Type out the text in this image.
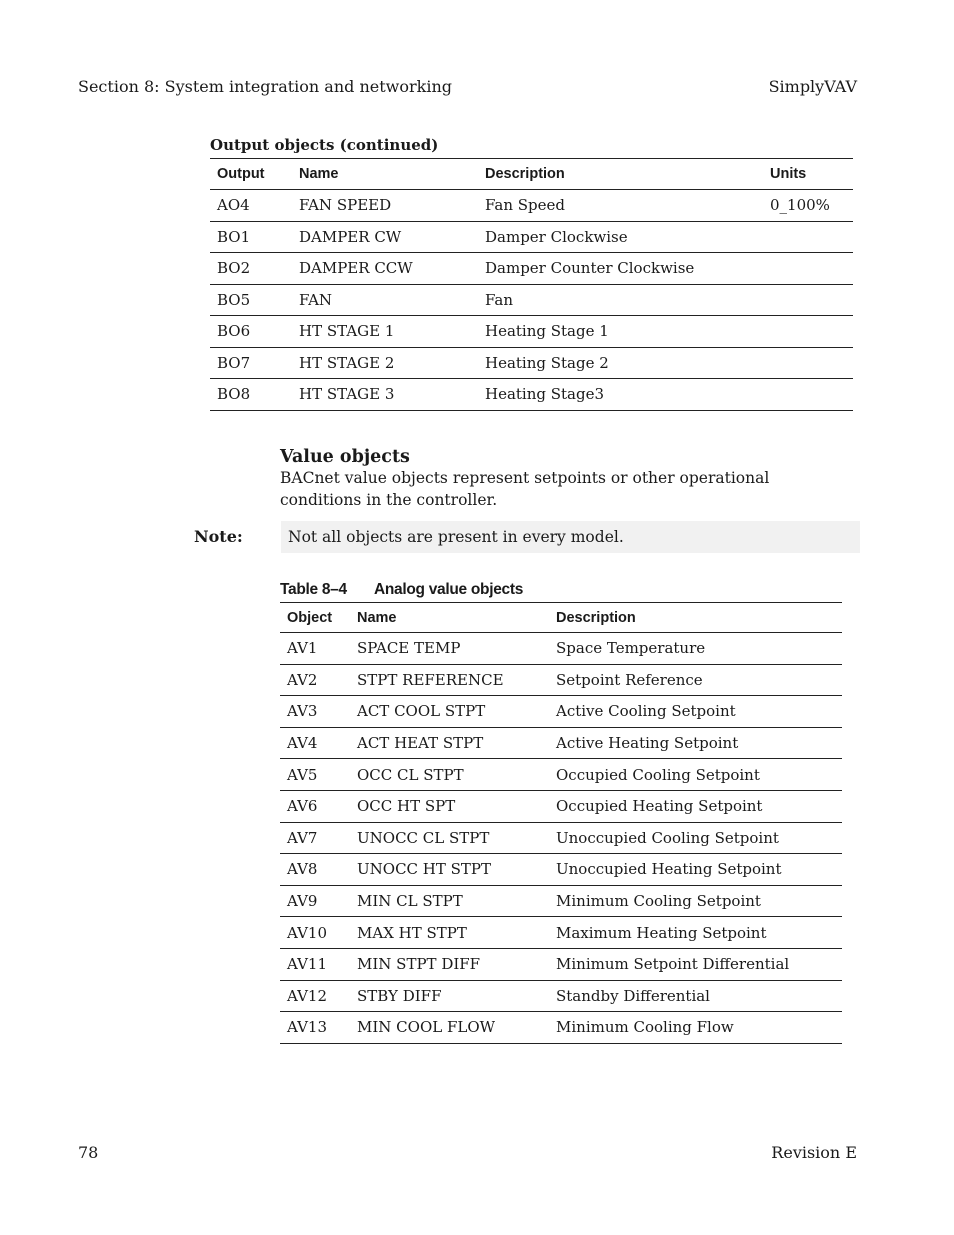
Section 8: System integration and networking	SimplyVAV
Output objects (continued)
Output	Name	Description	Units
AO4	FAN SPEED	Fan Speed	0_100%
BO1	DAMPER CW	Damper Clockwise	
BO2	DAMPER CCW	Damper Counter Clockwise	
BO5	FAN	Fan	
BO6	HT STAGE 1	Heating Stage 1	
BO7	HT STAGE 2	Heating Stage 2	
BO8	HT STAGE 3	Heating Stage3	
Value objects
BACnet value objects represent setpoints or other operational conditions in the controller.
Note:	Not all objects are present in every model.
Table 8–4 Analog value objects
Object	Name	Description
AV1	SPACE TEMP	Space Temperature
AV2	STPT REFERENCE	Setpoint Reference
AV3	ACT COOL STPT	Active Cooling Setpoint
AV4	ACT HEAT STPT	Active Heating Setpoint
AV5	OCC CL STPT	Occupied Cooling Setpoint
AV6	OCC HT SPT	Occupied Heating Setpoint
AV7	UNOCC CL STPT	Unoccupied Cooling Setpoint
AV8	UNOCC HT STPT	Unoccupied Heating Setpoint
AV9	MIN CL STPT	Minimum Cooling Setpoint
AV10	MAX HT STPT	Maximum Heating Setpoint
AV11	MIN STPT DIFF	Minimum Setpoint Differential
AV12	STBY DIFF	Standby Differential
AV13	MIN COOL FLOW	Minimum Cooling Flow
78	Revision E
